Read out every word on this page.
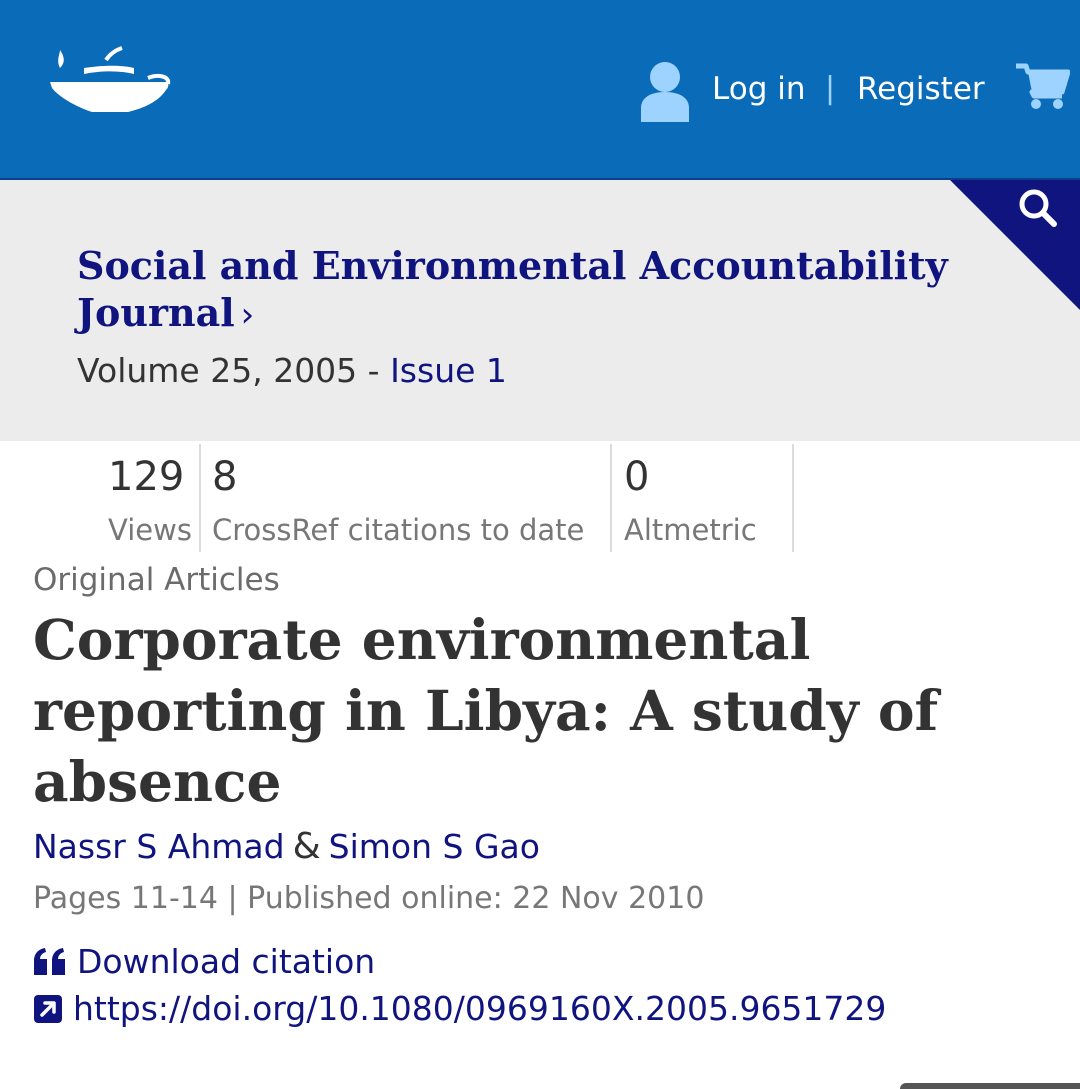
Log in | Register
Social and Environmental Accountability Journal ›
Volume 25, 2005 - Issue 1
129
Views
8
CrossRef citations to date
0
Altmetric
Original Articles
Corporate environmental reporting in Libya: A study of absence
Nassr S Ahmad & Simon S Gao
Pages 11-14 | Published online: 22 Nov 2010
Download citation
https://doi.org/10.1080/0969160X.2005.9651729
